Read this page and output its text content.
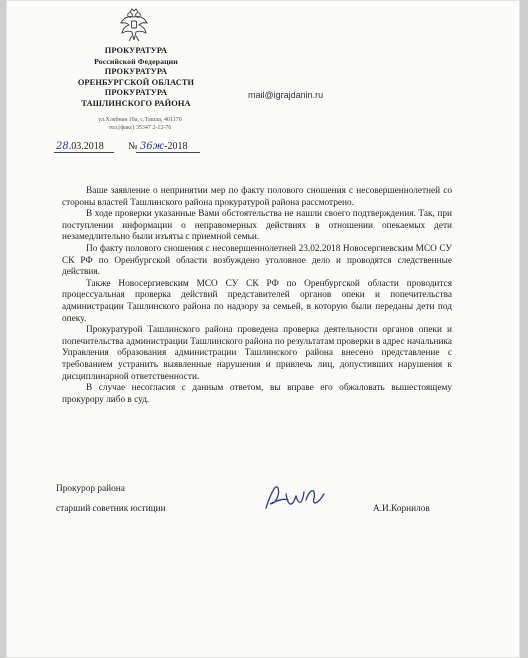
ПРОКУРАТУРА
Российской Федерации
ПРОКУРАТУРА
ОРЕНБУРГСКОЙ ОБЛАСТИ
ПРОКУРАТУРА
ТАШЛИНСКОГО РАЙОНА
ул.Хлебная 10а, с.Ташла, 461170
тел.(факс) 35347 2-12-76
mail@igrajdanin.ru
28.03.2018 № 36ж-2018

Ваше заявление о непринятии мер по факту полового сношения с несовершеннолетней со стороны властей Ташлинского района прокуратурой района рассмотрено.

В ходе проверки указанные Вами обстоятельства не нашли своего подтверждения. Так, при поступлении информации о неправомерных действиях в отношении опекаемых дети незамедлительно были изъяты с приемной семьи.

По факту полового сношения с несовершеннолетней 23.02.2018 Новосергиевским МСО СУ СК РФ по Оренбургской области возбуждено уголовное дело и проводятся следственные действия.

Также Новосергиевским МСО СУ СК РФ по Оренбургской области проводится процессуальная проверка действий представителей органов опеки и попечительства администрации Ташлинского района по надзору за семьей, в которую были переданы дети под опеку.

Прокуратурой Ташлинского района проведена проверка деятельности органов опеки и попечительства администрации Ташлинского района по результатам проверки в адрес начальника Управления образования администрации Ташлинского района внесено представление с требованием устранить выявленные нарушения и привлечь лиц, допустивших нарушения к дисциплинарной ответственности.

В случае несогласия с данным ответом, вы вправе его обжаловать вышестоящему прокурору либо в суд.

Прокурор района
старший советник юстиции	А.И.Корнилов
